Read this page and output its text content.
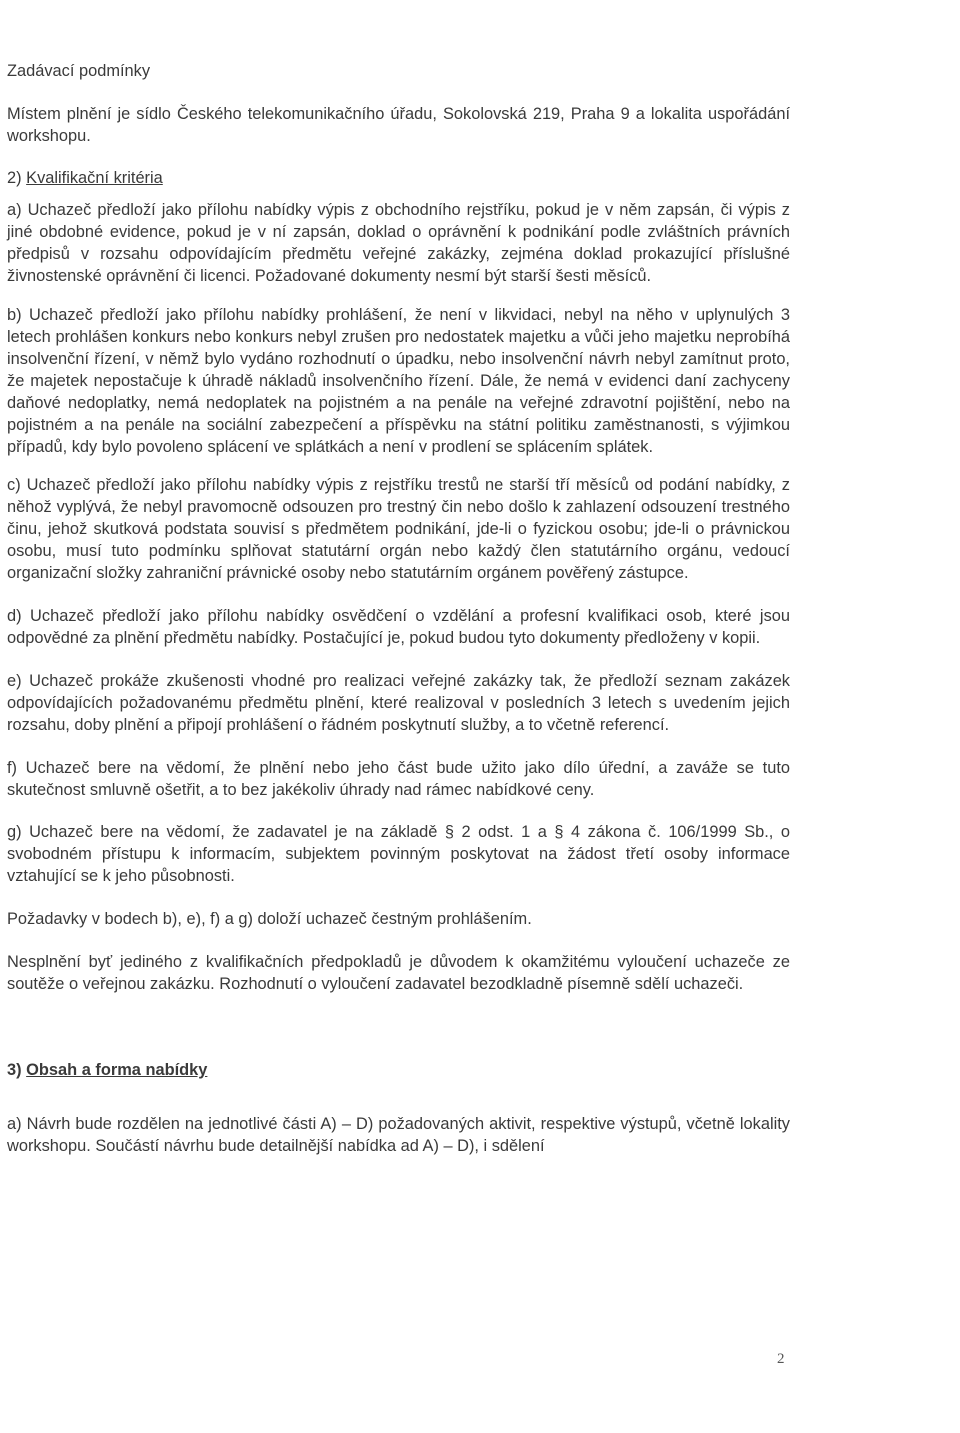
Zadávací podmínky

Místem plnění je sídlo Českého telekomunikačního úřadu, Sokolovská 219, Praha 9 a lokalita uspořádání workshopu.

2) Kvalifikační kritéria

a) Uchazeč předloží jako přílohu nabídky výpis z obchodního rejstříku, pokud je v něm zapsán, či výpis z jiné obdobné evidence, pokud je v ní zapsán, doklad o oprávnění k podnikání podle zvláštních právních předpisů v rozsahu odpovídajícím předmětu veřejné zakázky, zejména doklad prokazující příslušné živnostenské oprávnění či licenci. Požadované dokumenty nesmí být starší šesti měsíců.

b) Uchazeč předloží jako přílohu nabídky prohlášení, že není v likvidaci, nebyl na něho v uplynulých 3 letech prohlášen konkurs nebo konkurs nebyl zrušen pro nedostatek majetku a vůči jeho majetku neprobíhá insolvenční řízení, v němž bylo vydáno rozhodnutí o úpadku, nebo insolvenční návrh nebyl zamítnut proto, že majetek nepostačuje k úhradě nákladů insolvenčního řízení. Dále, že nemá v evidenci daní zachyceny daňové nedoplatky, nemá nedoplatek na pojistném a na penále na veřejné zdravotní pojištění, nebo na pojistném a na penále na sociální zabezpečení a příspěvku na státní politiku zaměstnanosti, s výjimkou případů, kdy bylo povoleno splácení ve splátkách a není v prodlení se splácením splátek.

c) Uchazeč předloží jako přílohu nabídky výpis z rejstříku trestů ne starší tří měsíců od podání nabídky, z něhož vyplývá, že nebyl pravomocně odsouzen pro trestný čin nebo došlo k zahlazení odsouzení trestného činu, jehož skutková podstata souvisí s předmětem podnikání, jde-li o fyzickou osobu; jde-li o právnickou osobu, musí tuto podmínku splňovat statutární orgán nebo každý člen statutárního orgánu, vedoucí organizační složky zahraniční právnické osoby nebo statutárním orgánem pověřený zástupce.

d) Uchazeč předloží jako přílohu nabídky osvědčení o vzdělání a profesní kvalifikaci osob, které jsou odpovědné za plnění předmětu nabídky. Postačující je, pokud budou tyto dokumenty předloženy v kopii.

e) Uchazeč prokáže zkušenosti vhodné pro realizaci veřejné zakázky tak, že předloží seznam zakázek odpovídajících požadovanému předmětu plnění, které realizoval v posledních 3 letech s uvedením jejich rozsahu, doby plnění a připojí prohlášení o řádném poskytnutí služby, a to včetně referencí.

f) Uchazeč bere na vědomí, že plnění nebo jeho část bude užito jako dílo úřední, a zaváže se tuto skutečnost smluvně ošetřit, a to bez jakékoliv úhrady nad rámec nabídkové ceny.

g) Uchazeč bere na vědomí, že zadavatel je na základě § 2 odst. 1 a § 4 zákona č. 106/1999 Sb., o svobodném přístupu k informacím, subjektem povinným poskytovat na žádost třetí osoby informace vztahující se k jeho působnosti.

Požadavky v bodech b), e), f) a g) doloží uchazeč čestným prohlášením.

Nesplnění byť jediného z kvalifikačních předpokladů je důvodem k okamžitému vyloučení uchazeče ze soutěže o veřejnou zakázku. Rozhodnutí o vyloučení zadavatel bezodkladně písemně sdělí uchazeči.

3) Obsah a forma nabídky

a) Návrh bude rozdělen na jednotlivé části A) – D) požadovaných aktivit, respektive výstupů, včetně lokality workshopu. Součástí návrhu bude detailnější nabídka ad A) – D), i sdělení

2
